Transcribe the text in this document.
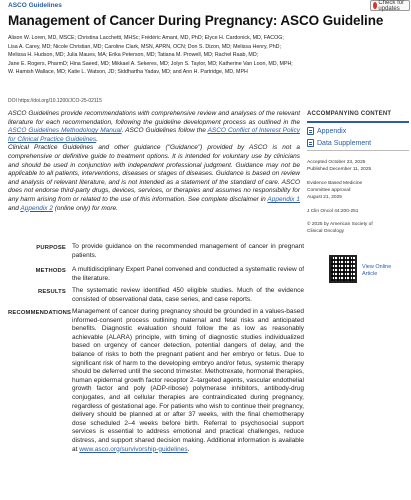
ASCO Guidelines	Check for updates
Management of Cancer During Pregnancy: ASCO Guideline
Alison W. Loren, MD, MSCE; Christina Lacchetti, MHSc; Frédéric Amant, MD, PhD; Elyce H. Cardonick, MD, FACOG;
Lisa A. Carey, MD; Nicole Christian, MD; Caroline Clark, MSN, APRN, OCN; Don S. Dizon, MD; Melissa Henry, PhD;
Melissa H. Hudson, MD; Julia Maues, MA; Erika Peterson, MD; Tatiana M. Prowell, MD; Rachel Raab, MD;
Jane E. Rogers, PharmD; Hina Saeed, MD; Mikkael A. Sekeres, MD; Jolyn S. Taylor, MD; Katherine Van Loon, MD, MPH;
W. Hamish Wallace, MD; Katie L. Watson, JD; Siddhartha Yadav, MD; and Ann H. Partridge, MD, MPH
DOI https://doi.org/10.1200/JCO-25-02115
ACCOMPANYING CONTENT
Appendix
Data Supplement
Accepted October 23, 2025
Published December 11, 2025
Evidence Based Medicine
Committee approval:
August 21, 2025
J Clin Oncol 44:200-251
© 2025 by American Society of
Clinical Oncology
View Online
Article

ASCO Guidelines provide recommendations with comprehensive review and analyses of the relevant literature for each recommendation, following the guideline development process as outlined in the ASCO Guidelines Methodology Manual. ASCO Guidelines follow the ASCO Conflict of Interest Policy for Clinical Practice Guidelines.

Clinical Practice Guidelines and other guidance ("Guidance") provided by ASCO is not a comprehensive or definitive guide to treatment options. It is intended for voluntary use by clinicians and should be used in conjunction with independent professional judgment. Guidance may not be applicable to all patients, interventions, diseases or stages of diseases. Guidance is based on review and analysis of relevant literature, and is not intended as a statement of the standard of care. ASCO does not endorse third-party drugs, devices, services, or therapies and assumes no responsibility for any harm arising from or related to the use of this information. See complete disclaimer in Appendix 1 and Appendix 2 (online only) for more.

PURPOSE To provide guidance on the recommended management of cancer in pregnant patients.
METHODS A multidisciplinary Expert Panel convened and conducted a systematic review of the literature.
RESULTS The systematic review identified 450 eligible studies. Much of the evidence consisted of observational data, case series, and case reports.
RECOMMENDATIONS Management of cancer during pregnancy should be grounded in a values-based informed-consent process outlining maternal and fetal risks and anticipated benefits. Diagnostic evaluation should follow the as low as reasonably achievable (ALARA) principle, with timing of diagnostic studies individualized based on urgency of cancer detection, potential dangers of delay, and the balance of risks to both the pregnant patient and her embryo or fetus. Due to significant risk of harm to the developing embryo and/or fetus, systemic therapy should be deferred until the second trimester. Methotrexate, hormonal therapies, human epidermal growth factor receptor 2–targeted agents, vascular endothelial growth factor and poly (ADP-ribose) polymerase inhibitors, antibody-drug conjugates, and all cellular therapies are contraindicated during pregnancy, regardless of gestational age. For patients who wish to continue their pregnancy, delivery should be planned at or after 37 weeks, with the final chemotherapy dose scheduled 2–4 weeks before birth. Referral to psychosocial support services is essential to address emotional and practical challenges, reduce distress, and support shared decision making. Additional information is available at www.asco.org/survivorship-guidelines.
